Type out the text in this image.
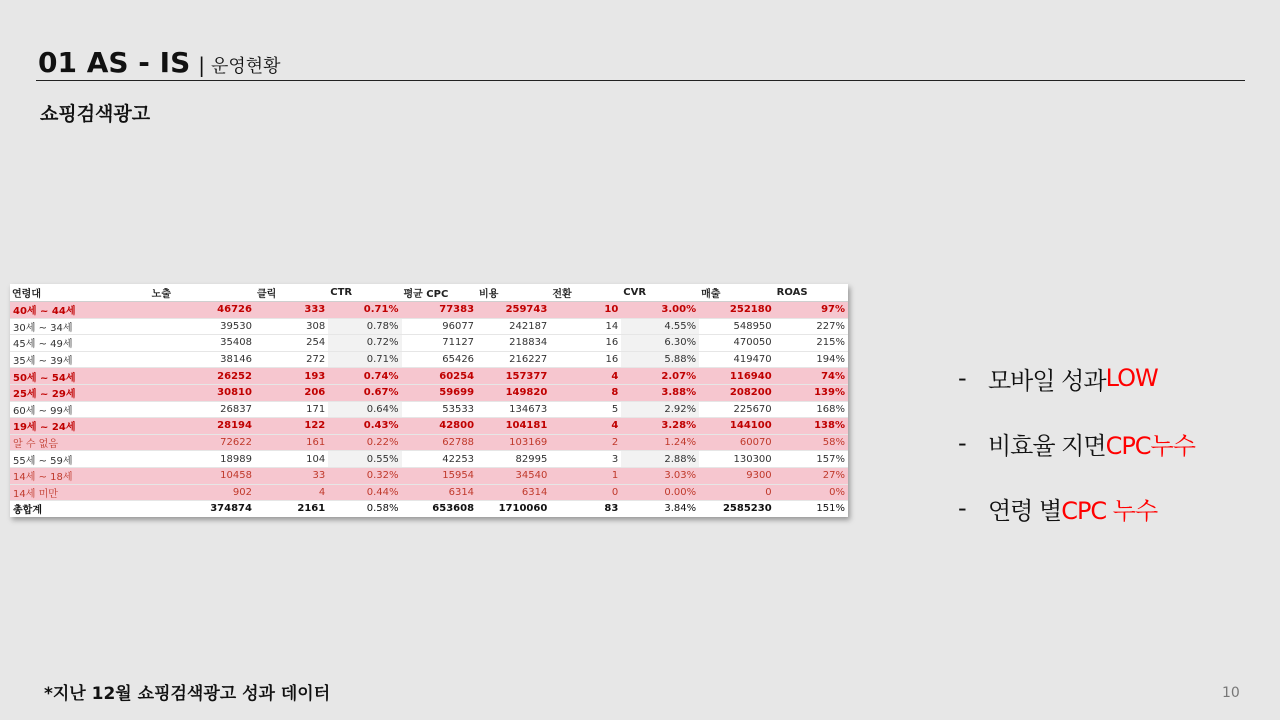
01 AS - IS | 운영현황
쇼핑검색광고
연령대	노출	클릭	CTR	평균 CPC	비용	전환	CVR	매출	ROAS
40세 ~ 44세	46726	333	0.71%	77383	259743	10	3.00%	252180	97%
30세 ~ 34세	39530	308	0.78%	96077	242187	14	4.55%	548950	227%
45세 ~ 49세	35408	254	0.72%	71127	218834	16	6.30%	470050	215%
35세 ~ 39세	38146	272	0.71%	65426	216227	16	5.88%	419470	194%
50세 ~ 54세	26252	193	0.74%	60254	157377	4	2.07%	116940	74%
25세 ~ 29세	30810	206	0.67%	59699	149820	8	3.88%	208200	139%
60세 ~ 99세	26837	171	0.64%	53533	134673	5	2.92%	225670	168%
19세 ~ 24세	28194	122	0.43%	42800	104181	4	3.28%	144100	138%
알 수 없음	72622	161	0.22%	62788	103169	2	1.24%	60070	58%
55세 ~ 59세	18989	104	0.55%	42253	82995	3	2.88%	130300	157%
14세 ~ 18세	10458	33	0.32%	15954	34540	1	3.03%	9300	27%
14세 미만	902	4	0.44%	6314	6314	0	0.00%	0	0%
총합계	374874	2161	0.58%	653608	1710060	83	3.84%	2585230	151%
- 모바일 성과 LOW
- 비효율 지면 CPC누수
- 연령 별 CPC 누수
*지난 12월 쇼핑검색광고 성과 데이터	10
